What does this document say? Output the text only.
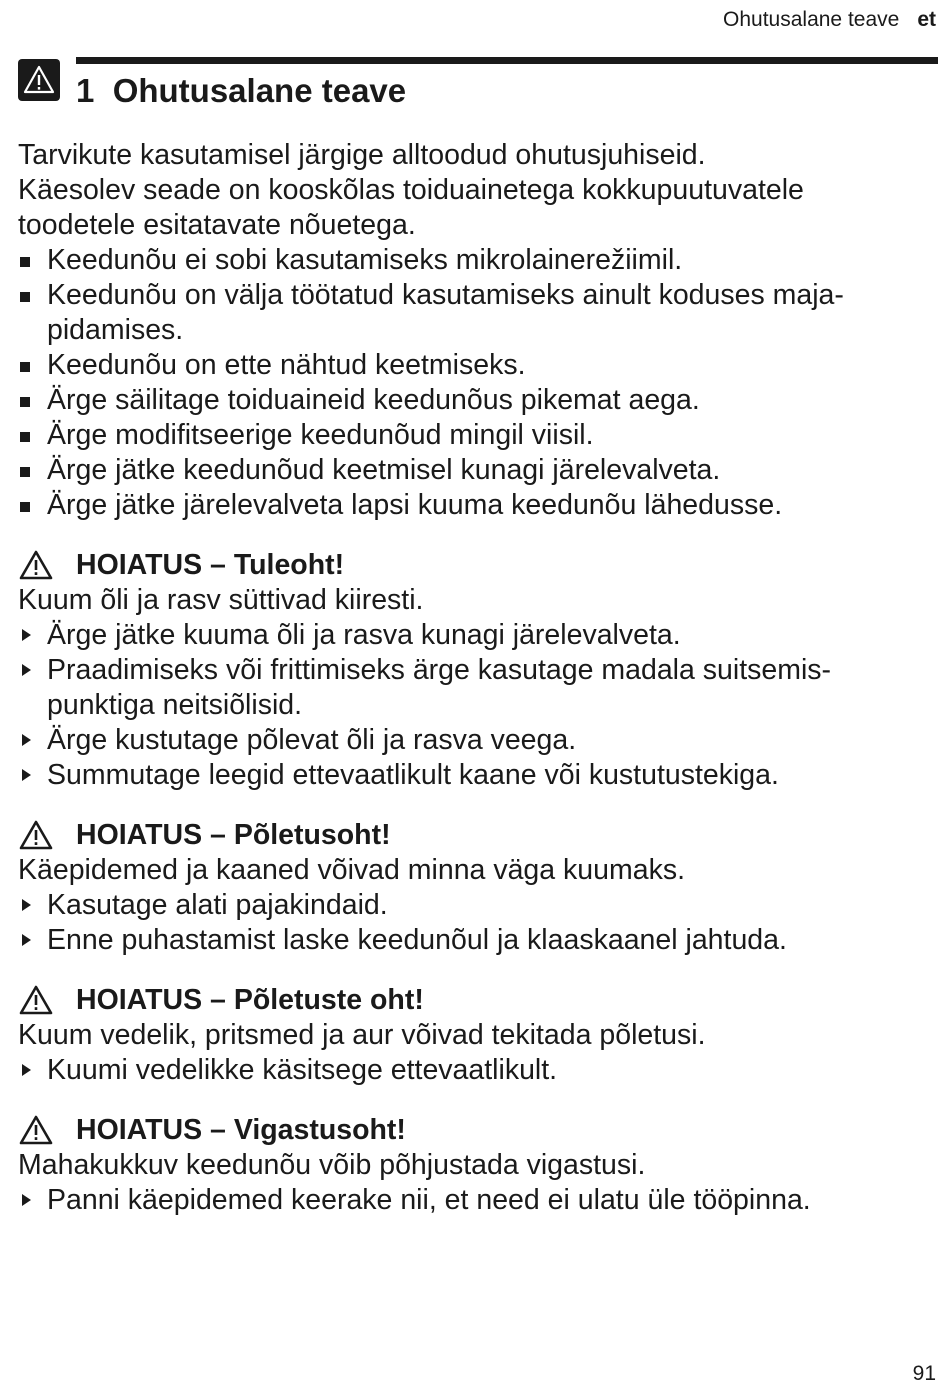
Ohutusalane teave et
1 Ohutusalane teave

Tarvikute kasutamisel järgige alltoodud ohutusjuhiseid.

Käesolev seade on kooskõlas toiduainetega kokkupuutuvatele toodetele esitatavate nõuetega.

Keedunõu ei sobi kasutamiseks mikrolainerežiimil.
Keedunõu on välja töötatud kasutamiseks ainult koduses maja-pidamises.
Keedunõu on ette nähtud keetmiseks.
Ärge säilitage toiduaineid keedunõus pikemat aega.
Ärge modifitseerige keedunõud mingil viisil.
Ärge jätke keedunõud keetmisel kunagi järelevalveta.
Ärge jätke järelevalveta lapsi kuuma keedunõu lähedusse.
HOIATUS – Tuleoht!

Kuum õli ja rasv süttivad kiiresti.

Ärge jätke kuuma õli ja rasva kunagi järelevalveta.
Praadimiseks või frittimiseks ärge kasutage madala suitsemis-punktiga neitsiõlisid.
Ärge kustutage põlevat õli ja rasva veega.
Summutage leegid ettevaatlikult kaane või kustutustekiga.
HOIATUS – Põletusoht!

Käepidemed ja kaaned võivad minna väga kuumaks.

Kasutage alati pajakindaid.
Enne puhastamist laske keedunõul ja klaaskaanel jahtuda.
HOIATUS – Põletuste oht!

Kuum vedelik, pritsmed ja aur võivad tekitada põletusi.

Kuumi vedelikke käsitsege ettevaatlikult.
HOIATUS – Vigastusoht!

Mahakukkuv keedunõu võib põhjustada vigastusi.

Panni käepidemed keerake nii, et need ei ulatu üle tööpinna.
91
